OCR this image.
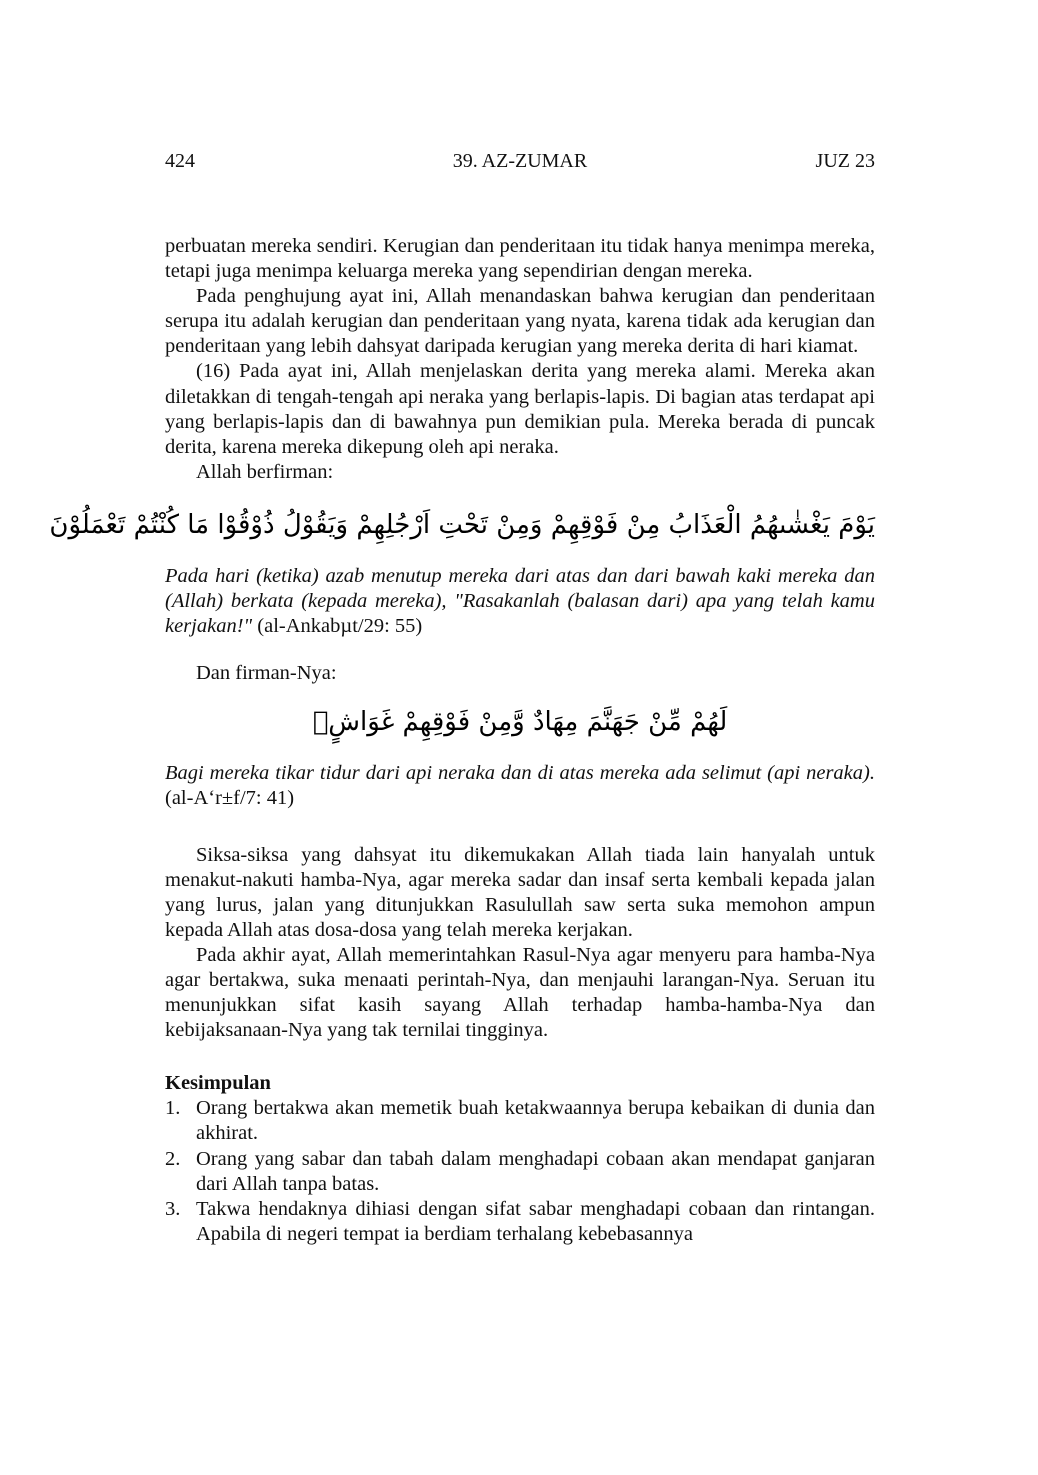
424	39. AZ-ZUMAR	JUZ 23

perbuatan mereka sendiri. Kerugian dan penderitaan itu tidak hanya menimpa mereka, tetapi juga menimpa keluarga mereka yang sependirian dengan mereka.

Pada penghujung ayat ini, Allah menandaskan bahwa kerugian dan penderitaan serupa itu adalah kerugian dan penderitaan yang nyata, karena tidak ada kerugian dan penderitaan yang lebih dahsyat daripada kerugian yang mereka derita di hari kiamat.

(16) Pada ayat ini, Allah menjelaskan derita yang mereka alami. Mereka akan diletakkan di tengah-tengah api neraka yang berlapis-lapis. Di bagian atas terdapat api yang berlapis-lapis dan di bawahnya pun demikian pula. Mereka berada di puncak derita, karena mereka dikepung oleh api neraka.

Allah berfirman:

يَوْمَ يَغْشٰىهُمُ الْعَذَابُ مِنْ فَوْقِهِمْ وَمِنْ تَحْتِ اَرْجُلِهِمْ وَيَقُوْلُ ذُوْقُوْا مَا كُنْتُمْ تَعْمَلُوْنَ

Pada hari (ketika) azab menutup mereka dari atas dan dari bawah kaki mereka dan (Allah) berkata (kepada mereka), "Rasakanlah (balasan dari) apa yang telah kamu kerjakan!" (al-Ankabµt/29: 55)

Dan firman-Nya:

لَهُمْ مِّنْ جَهَنَّمَ مِهَادٌ وَّمِنْ فَوْقِهِمْ غَوَاشٍۗ

Bagi mereka tikar tidur dari api neraka dan di atas mereka ada selimut (api neraka). (al-A‘r±f/7: 41)

Siksa-siksa yang dahsyat itu dikemukakan Allah tiada lain hanyalah untuk menakut-nakuti hamba-Nya, agar mereka sadar dan insaf serta kembali kepada jalan yang lurus, jalan yang ditunjukkan Rasulullah saw serta suka memohon ampun kepada Allah atas dosa-dosa yang telah mereka kerjakan.

Pada akhir ayat, Allah memerintahkan Rasul-Nya agar menyeru para hamba-Nya agar bertakwa, suka menaati perintah-Nya, dan menjauhi larangan-Nya. Seruan itu menunjukkan sifat kasih sayang Allah terhadap hamba-hamba-Nya dan kebijaksanaan-Nya yang tak ternilai tingginya.

Kesimpulan

1. Orang bertakwa akan memetik buah ketakwaannya berupa kebaikan di dunia dan akhirat.
2. Orang yang sabar dan tabah dalam menghadapi cobaan akan mendapat ganjaran dari Allah tanpa batas.
3. Takwa hendaknya dihiasi dengan sifat sabar menghadapi cobaan dan rintangan. Apabila di negeri tempat ia berdiam terhalang kebebasannya
